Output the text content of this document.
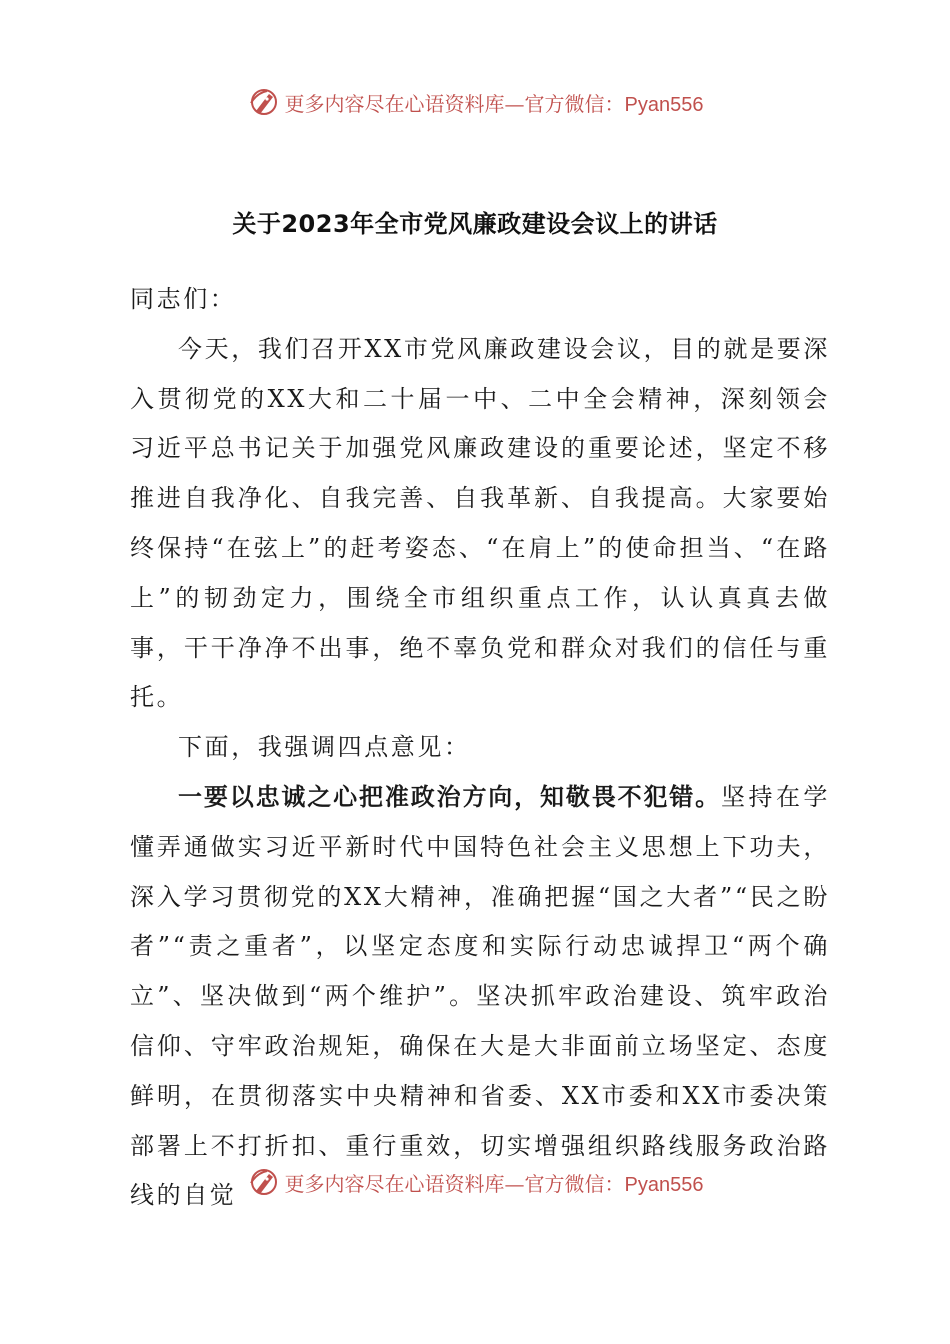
更多内容尽在心语资料库—官方微信：Pyan556
关于2023年全市党风廉政建设会议上的讲话

同志们：

今天，我们召开XX市党风廉政建设会议，目的就是要深入贯彻党的XX大和二十届一中、二中全会精神，深刻领会习近平总书记关于加强党风廉政建设的重要论述，坚定不移推进自我净化、自我完善、自我革新、自我提高。大家要始终保持“在弦上”的赶考姿态、“在肩上”的使命担当、“在路上”的韧劲定力，围绕全市组织重点工作，认认真真去做事，干干净净不出事，绝不辜负党和群众对我们的信任与重托。

下面，我强调四点意见：

一要以忠诚之心把准政治方向，知敬畏不犯错。坚持在学懂弄通做实习近平新时代中国特色社会主义思想上下功夫，深入学习贯彻党的XX大精神，准确把握“国之大者”“民之盼者”“责之重者”，以坚定态度和实际行动忠诚捍卫“两个确立”、坚决做到“两个维护”。坚决抓牢政治建设、筑牢政治信仰、守牢政治规矩，确保在大是大非面前立场坚定、态度鲜明，在贯彻落实中央精神和省委、XX市委和XX市委决策部署上不打折扣、重行重效，切实增强组织路线服务政治路线的自觉	更多内容尽在心语资料库—官方微信：Pyan556
